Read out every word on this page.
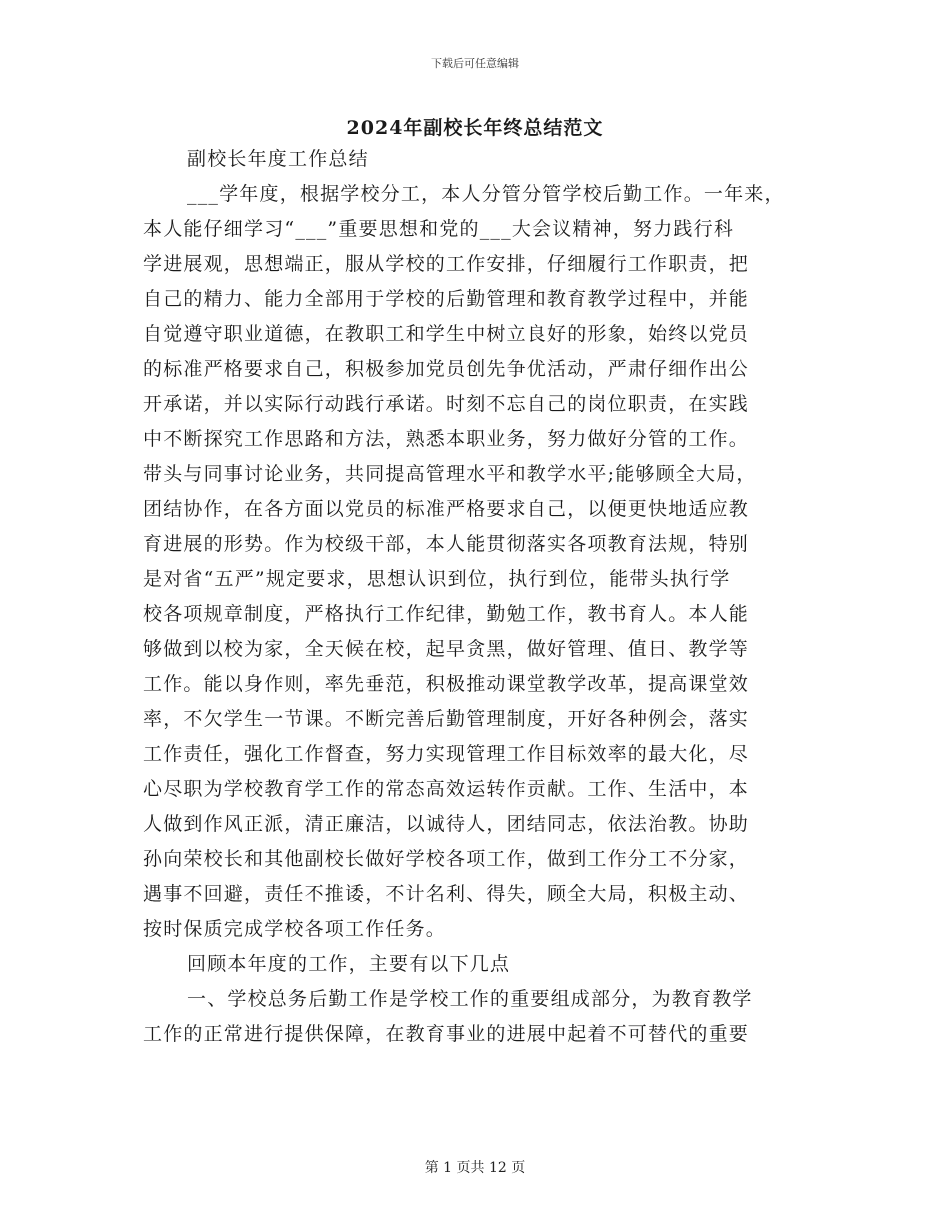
下载后可任意编辑
2024年副校长年终总结范文
副校长年度工作总结
___学年度，根据学校分工，本人分管分管学校后勤工作。一年来，
本人能仔细学习“___”重要思想和党的___大会议精神，努力践行科
学进展观，思想端正，服从学校的工作安排，仔细履行工作职责，把
自己的精力、能力全部用于学校的后勤管理和教育教学过程中，并能
自觉遵守职业道德，在教职工和学生中树立良好的形象，始终以党员
的标准严格要求自己，积极参加党员创先争优活动，严肃仔细作出公
开承诺，并以实际行动践行承诺。时刻不忘自己的岗位职责，在实践
中不断探究工作思路和方法，熟悉本职业务，努力做好分管的工作。
带头与同事讨论业务，共同提高管理水平和教学水平;能够顾全大局，
团结协作，在各方面以党员的标准严格要求自己，以便更快地适应教
育进展的形势。作为校级干部，本人能贯彻落实各项教育法规，特别
是对省“五严”规定要求，思想认识到位，执行到位，能带头执行学
校各项规章制度，严格执行工作纪律，勤勉工作，教书育人。本人能
够做到以校为家，全天候在校，起早贪黑，做好管理、值日、教学等
工作。能以身作则，率先垂范，积极推动课堂教学改革，提高课堂效
率，不欠学生一节课。不断完善后勤管理制度，开好各种例会，落实
工作责任，强化工作督查，努力实现管理工作目标效率的最大化，尽
心尽职为学校教育学工作的常态高效运转作贡献。工作、生活中，本
人做到作风正派，清正廉洁，以诚待人，团结同志，依法治教。协助
孙向荣校长和其他副校长做好学校各项工作，做到工作分工不分家，
遇事不回避，责任不推诿，不计名利、得失，顾全大局，积极主动、
按时保质完成学校各项工作任务。
回顾本年度的工作，主要有以下几点
一、学校总务后勤工作是学校工作的重要组成部分，为教育教学
工作的正常进行提供保障，在教育事业的进展中起着不可替代的重要
第 1 页共 12 页
